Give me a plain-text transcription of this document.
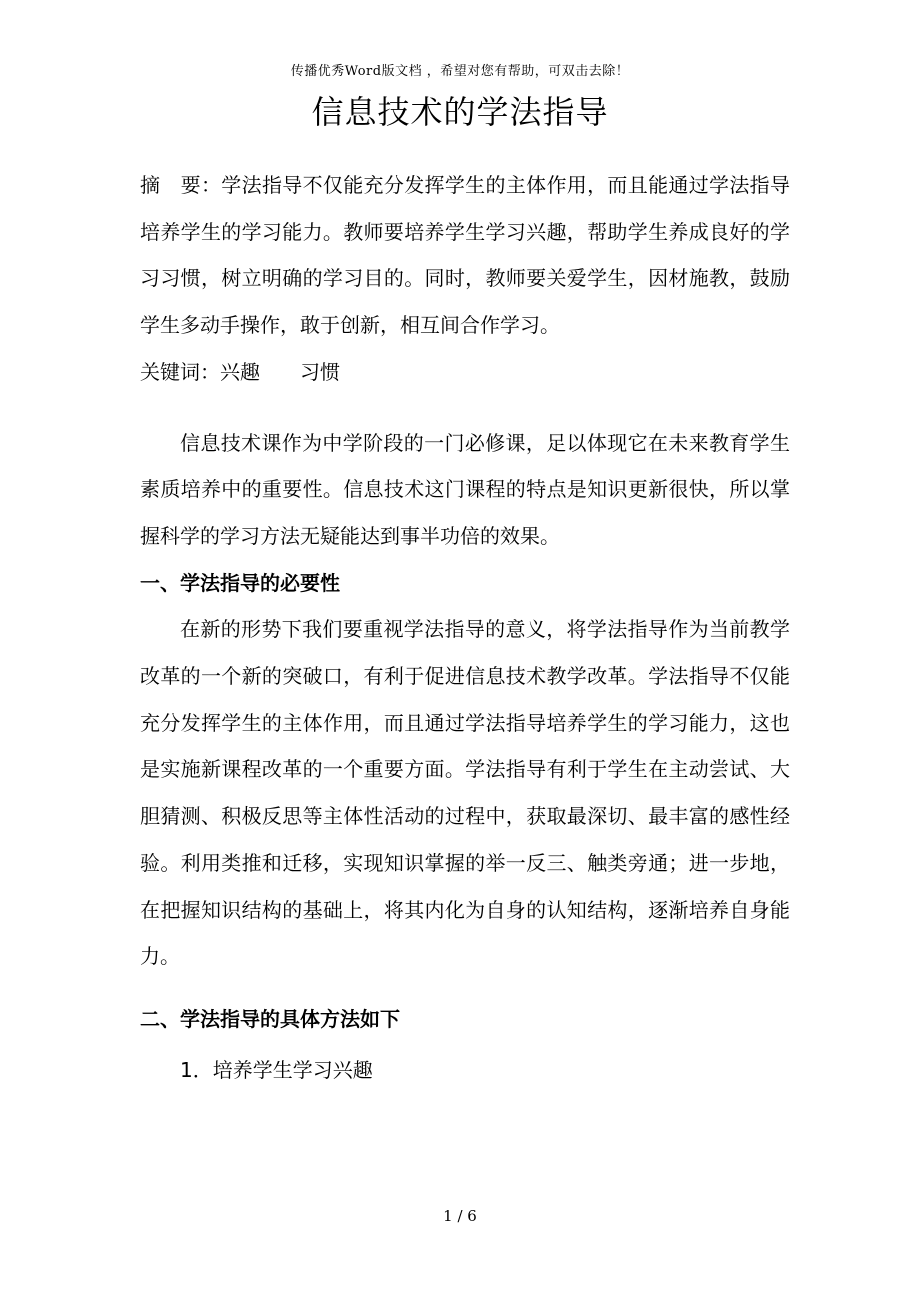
传播优秀Word版文档 ，希望对您有帮助，可双击去除！
信息技术的学法指导

摘　要：学法指导不仅能充分发挥学生的主体作用，而且能通过学法指导培养学生的学习能力。教师要培养学生学习兴趣，帮助学生养成良好的学习习惯，树立明确的学习目的。同时，教师要关爱学生，因材施教，鼓励学生多动手操作，敢于创新，相互间合作学习。

关键词：兴趣 习惯

信息技术课作为中学阶段的一门必修课，足以体现它在未来教育学生素质培养中的重要性。信息技术这门课程的特点是知识更新很快，所以掌握科学的学习方法无疑能达到事半功倍的效果。

一、学法指导的必要性

在新的形势下我们要重视学法指导的意义，将学法指导作为当前教学改革的一个新的突破口，有利于促进信息技术教学改革。学法指导不仅能充分发挥学生的主体作用，而且通过学法指导培养学生的学习能力，这也是实施新课程改革的一个重要方面。学法指导有利于学生在主动尝试、大胆猜测、积极反思等主体性活动的过程中，获取最深切、最丰富的感性经验。利用类推和迁移，实现知识掌握的举一反三、触类旁通；进一步地，在把握知识结构的基础上，将其内化为自身的认知结构，逐渐培养自身能力。

二、学法指导的具体方法如下

1．培养学生学习兴趣

1 / 6
